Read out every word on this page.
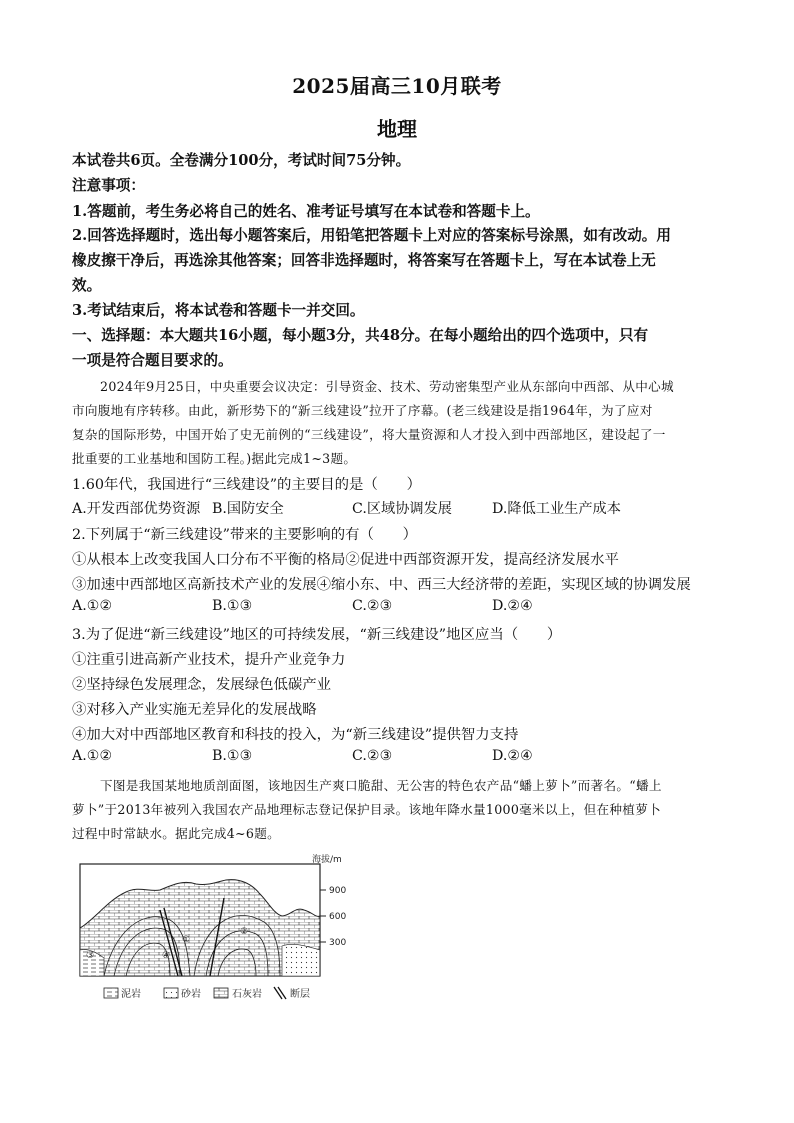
2025届高三10月联考
地理
本试卷共6页。全卷满分100分，考试时间75分钟。
注意事项：
1.答题前，考生务必将自己的姓名、准考证号填写在本试卷和答题卡上。
2.回答选择题时，选出每小题答案后，用铅笔把答题卡上对应的答案标号涂黑，如有改动。用
橡皮擦干净后，再选涂其他答案；回答非选择题时，将答案写在答题卡上，写在本试卷上无
效。
3.考试结束后，将本试卷和答题卡一并交回。
一、选择题：本大题共16小题，每小题3分，共48分。在每小题给出的四个选项中，只有
一项是符合题目要求的。
2024年9月25日，中央重要会议决定：引导资金、技术、劳动密集型产业从东部向中西部、从中心城
市向腹地有序转移。由此，新形势下的“新三线建设”拉开了序幕。(老三线建设是指1964年，为了应对
复杂的国际形势，中国开始了史无前例的“三线建设”，将大量资源和人才投入到中西部地区，建设起了一
批重要的工业基地和国防工程。)据此完成1~3题。
1.60年代，我国进行“三线建设”的主要目的是（　　）
A.开发西部优势资源 B.国防安全	C.区域协调发展	D.降低工业生产成本
2.下列属于“新三线建设”带来的主要影响的有（　　）
①从根本上改变我国人口分布不平衡的格局②促进中西部资源开发，提高经济发展水平
③加速中西部地区高新技术产业的发展④缩小东、中、西三大经济带的差距，实现区域的协调发展
A.①②	B.①③	C.②③	D.②④
3.为了促进“新三线建设”地区的可持续发展，“新三线建设”地区应当（　　）
①注重引进高新产业技术，提升产业竞争力
②坚持绿色发展理念，发展绿色低碳产业
③对移入产业实施无差异化的发展战略
④加大对中西部地区教育和科技的投入，为“新三线建设”提供智力支持
A.①②	B.①③	C.②③	D.②④
下图是我国某地地质剖面图，该地因生产爽口脆甜、无公害的特色农产品“蟠上萝卜”而著名。“蟠上
萝卜”于2013年被列入我国农产品地理标志登记保护目录。该地年降水量1000毫米以上，但在种植萝卜
过程中时常缺水。据此完成4~6题。
①
②
③	④
海拔/m
900
600
300
泥岩	砂岩	石灰岩	断层
